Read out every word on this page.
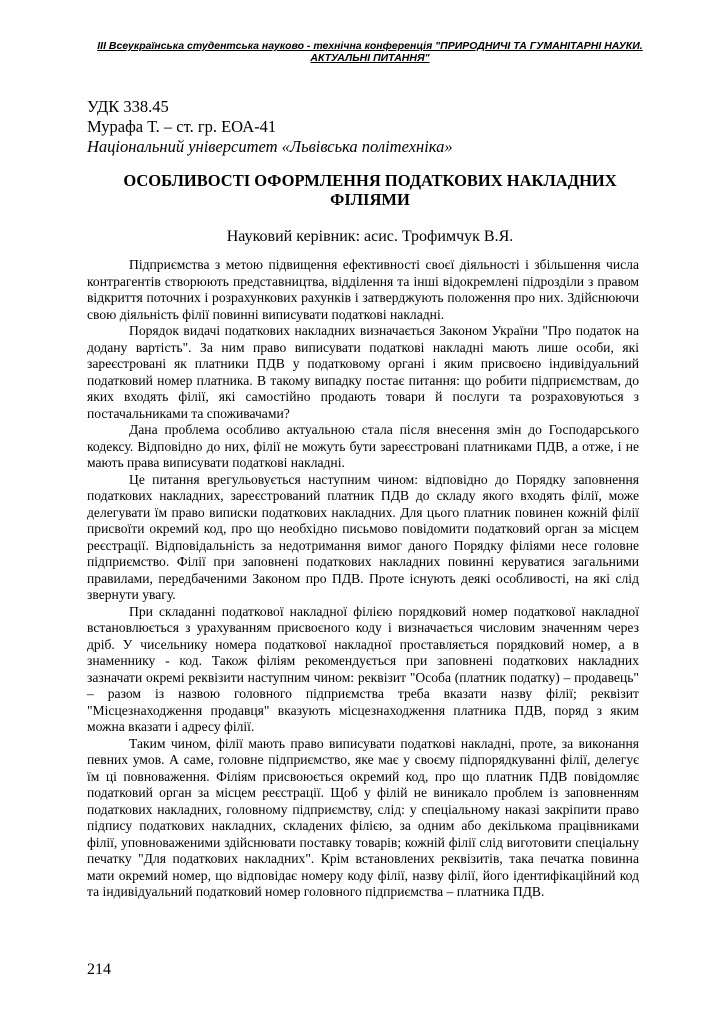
ІІІ Всеукраїнська студентська науково - технічна конференція "ПРИРОДНИЧІ ТА ГУМАНІТАРНІ НАУКИ.
АКТУАЛЬНІ ПИТАННЯ"
УДК 338.45
Мурафа Т. – ст. гр. ЕОА-41
Національний університет «Львівська політехніка»
ОСОБЛИВОСТІ ОФОРМЛЕННЯ ПОДАТКОВИХ НАКЛАДНИХ
ФІЛІЯМИ
Науковий керівник: асис. Трофимчук В.Я.

Підприємства з метою підвищення ефективності своєї діяльності і збільшення числа контрагентів створюють представництва, відділення та інші відокремлені підрозділи з правом відкриття поточних і розрахункових рахунків і затверджують положення про них. Здійснюючи свою діяльність філії повинні виписувати податкові накладні.

Порядок видачі податкових накладних визначається Законом України "Про податок на додану вартість". За ним право виписувати податкові накладні мають лише особи, які зареєстровані як платники ПДВ у податковому органі і яким присвоєно індивідуальний податковий номер платника. В такому випадку постає питання: що робити підприємствам, до яких входять філії, які самостійно продають товари й послуги та розраховуються з постачальниками та споживачами?

Дана проблема особливо актуальною стала після внесення змін до Господарського кодексу. Відповідно до них, філії не можуть бути зареєстровані платниками ПДВ, а отже, і не мають права виписувати податкові накладні.

Це питання врегульовується наступним чином: відповідно до Порядку заповнення податкових накладних, зареєстрований платник ПДВ до складу якого входять філії, може делегувати їм право виписки податкових накладних. Для цього платник повинен кожній філії присвоїти окремий код, про що необхідно письмово повідомити податковий орган за місцем реєстрації. Відповідальність за недотримання вимог даного Порядку філіями несе головне підприємство. Філії при заповнені податкових накладних повинні керуватися загальними правилами, передбаченими Законом про ПДВ. Проте існують деякі особливості, на які слід звернути увагу.

При складанні податкової накладної філією порядковий номер податкової накладної встановлюється з урахуванням присвоєного коду і визначається числовим значенням через дріб. У чисельнику номера податкової накладної проставляється порядковий номер, а в знаменнику - код. Також філіям рекомендується при заповнені податкових накладних зазначати окремі реквізити наступним чином: реквізит "Особа (платник податку) – продавець" – разом із назвою головного підприємства треба вказати назву філії; реквізит "Місцезнаходження продавця" вказують місцезнаходження платника ПДВ, поряд з яким можна вказати і адресу філії.

Таким чином, філії мають право виписувати податкові накладні, проте, за виконання певних умов. А саме, головне підприємство, яке має у своєму підпорядкуванні філії, делегує їм ці повноваження. Філіям присвоюється окремий код, про що платник ПДВ повідомляє податковий орган за місцем реєстрації. Щоб у філій не виникало проблем із заповненням податкових накладних, головному підприємству, слід: у спеціальному наказі закріпити право підпису податкових накладних, складених філією, за одним або декількома працівниками філії, уповноваженими здійснювати поставку товарів; кожній філії слід виготовити спеціальну печатку "Для податкових накладних". Крім встановлених реквізитів, така печатка повинна мати окремий номер, що відповідає номеру коду філії, назву філії, його ідентифікаційний код та індивідуальний податковий номер головного підприємства – платника ПДВ.

214
